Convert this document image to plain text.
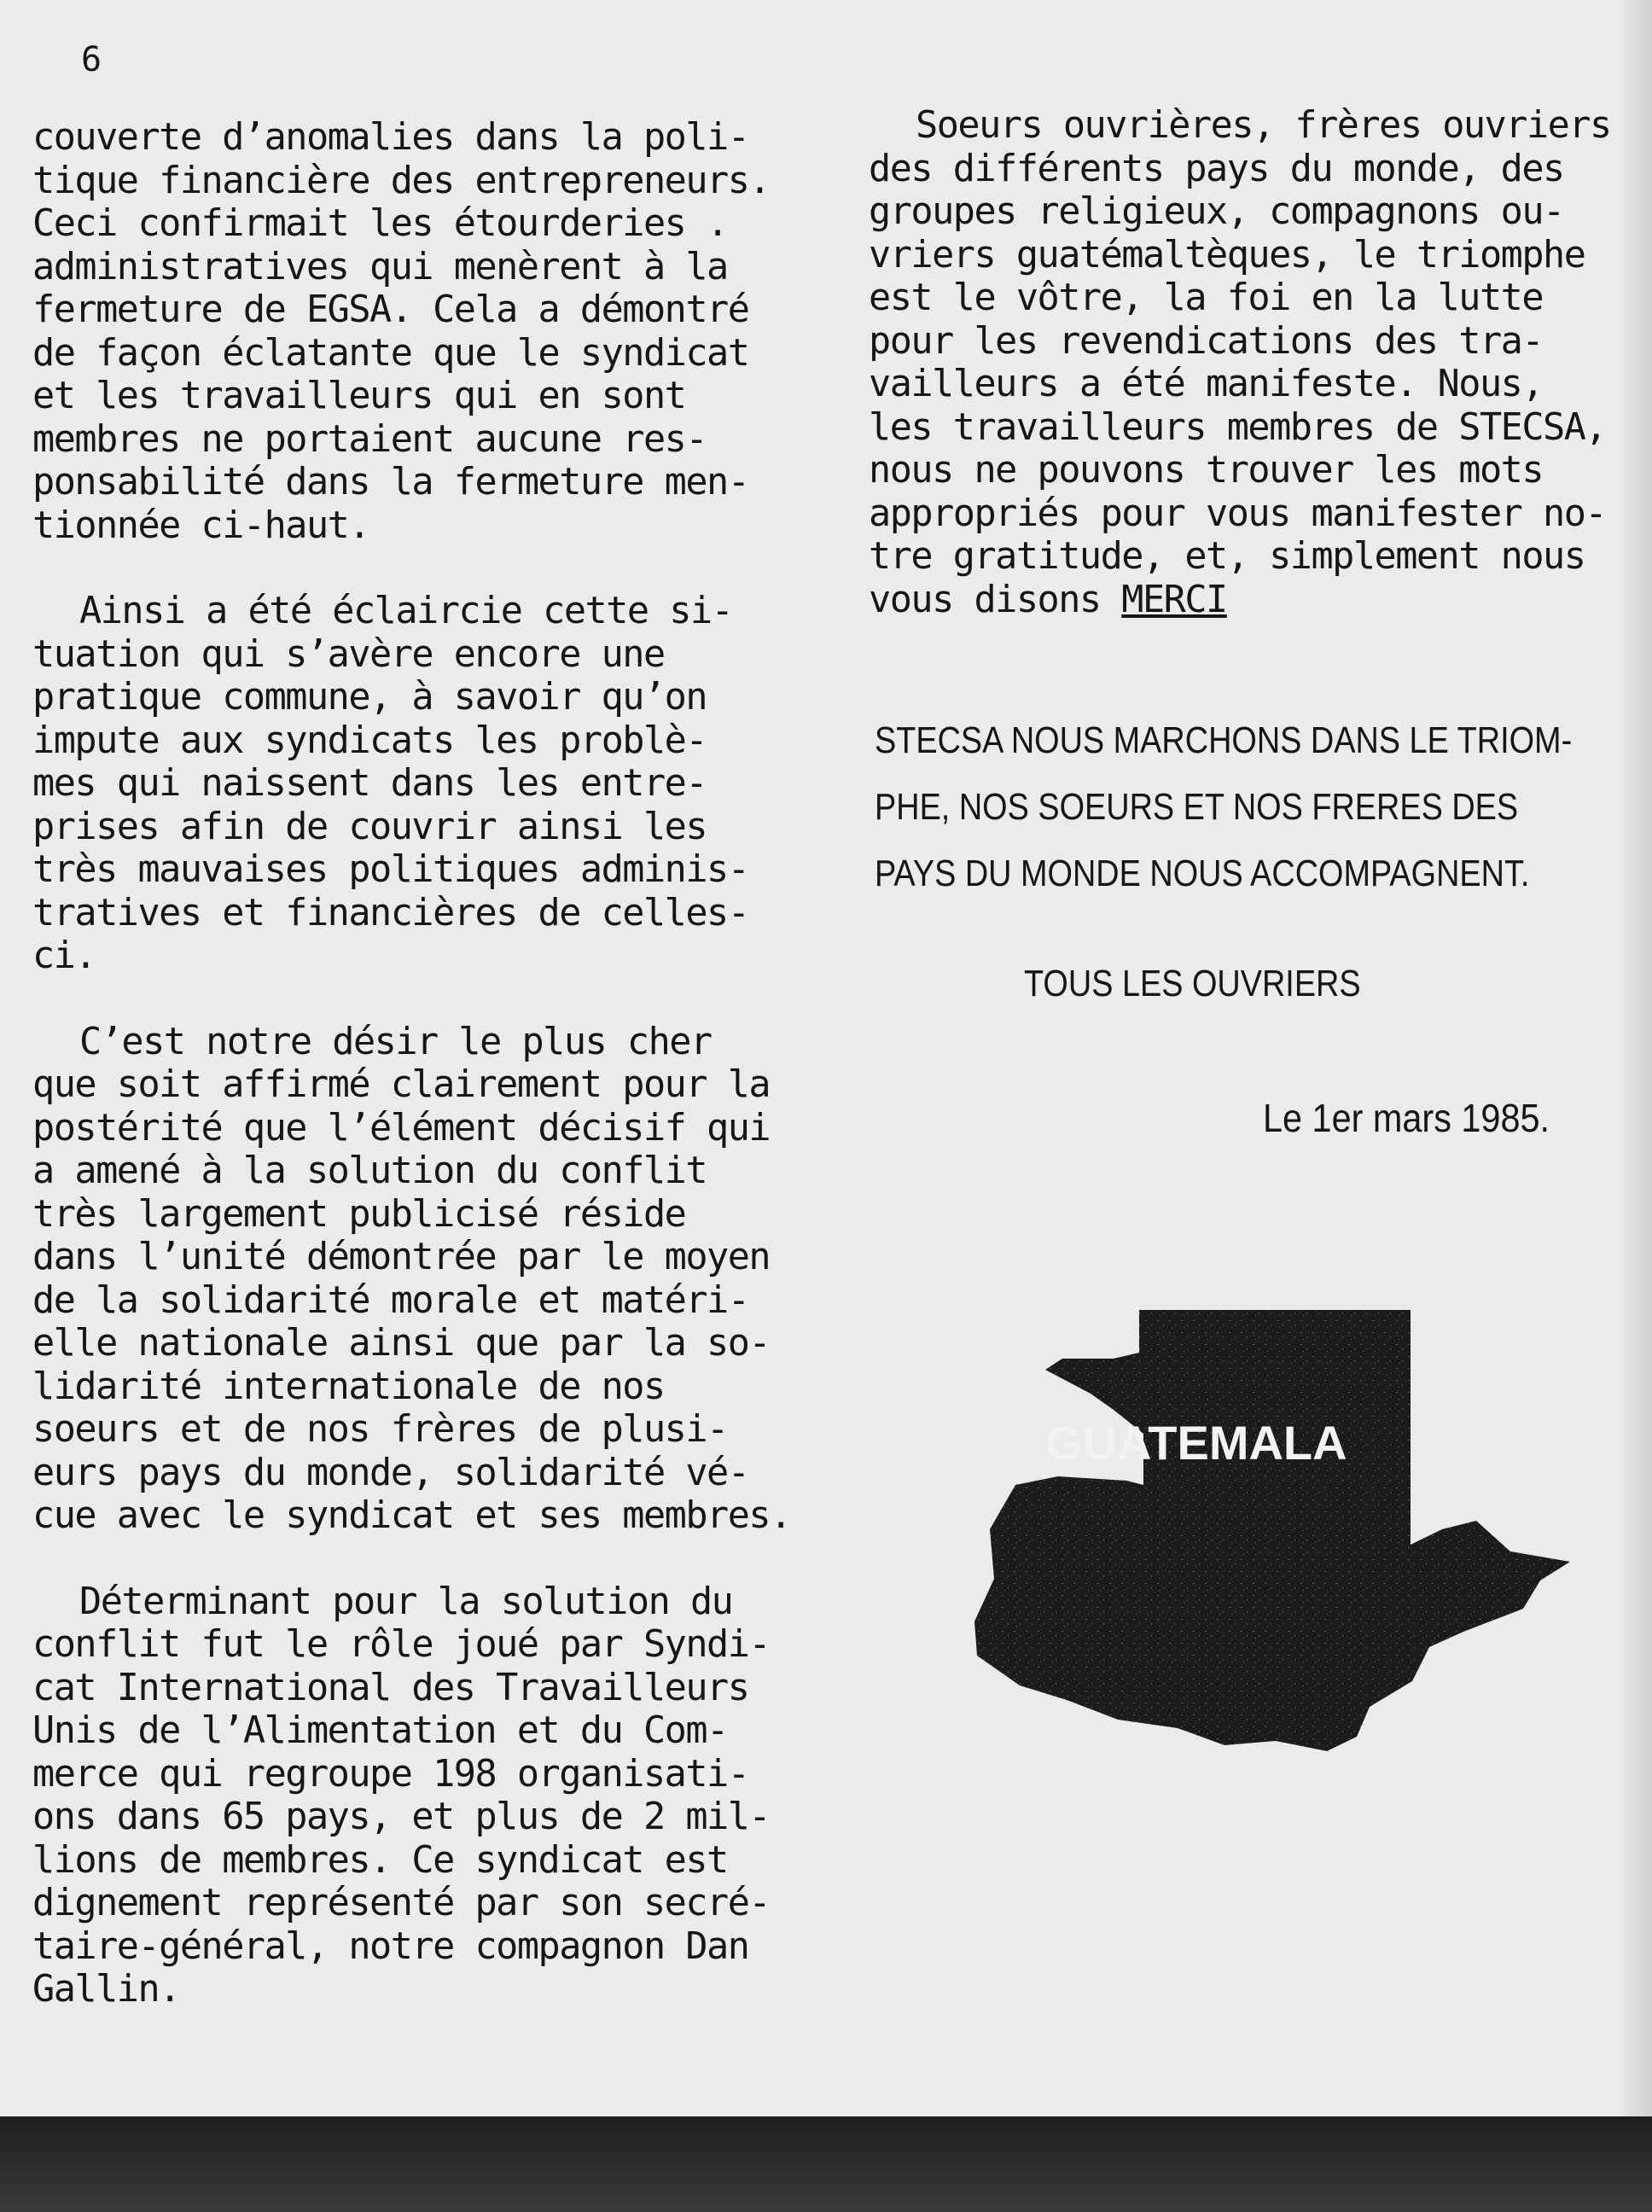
6

couverte d’anomalies dans la poli-

tique financière des entrepreneurs.

Ceci confirmait les étourderies .

administratives qui menèrent à la

fermeture de EGSA. Cela a démontré

de façon éclatante que le syndicat

et les travailleurs qui en sont

membres ne portaient aucune res-

ponsabilité dans la fermeture men-

tionnée ci-haut.

Ainsi a été éclaircie cette si-

tuation qui s’avère encore une

pratique commune, à savoir qu’on

impute aux syndicats les problè-

mes qui naissent dans les entre-

prises afin de couvrir ainsi les

très mauvaises politiques adminis-

tratives et financières de celles-

ci.

C’est notre désir le plus cher

que soit affirmé clairement pour la

postérité que l’élément décisif qui

a amené à la solution du conflit

très largement publicisé réside

dans l’unité démontrée par le moyen

de la solidarité morale et matéri-

elle nationale ainsi que par la so-

lidarité internationale de nos

soeurs et de nos frères de plusi-

eurs pays du monde, solidarité vé-

cue avec le syndicat et ses membres.

Déterminant pour la solution du

conflit fut le rôle joué par Syndi-

cat International des Travailleurs

Unis de l’Alimentation et du Com-

merce qui regroupe 198 organisati-

ons dans 65 pays, et plus de 2 mil-

lions de membres. Ce syndicat est

dignement représenté par son secré-

taire-général, notre compagnon Dan

Gallin.

Soeurs ouvrières, frères ouvriers

des différents pays du monde, des

groupes religieux, compagnons ou-

vriers guatémaltèques, le triomphe

est le vôtre, la foi en la lutte

pour les revendications des tra-

vailleurs a été manifeste. Nous,

les travailleurs membres de STECSA,

nous ne pouvons trouver les mots

appropriés pour vous manifester no-

tre gratitude, et, simplement nous

vous disons MERCI

STECSA NOUS MARCHONS DANS LE TRIOM-
PHE, NOS SOEURS ET NOS FRERES DES
PAYS DU MONDE NOUS ACCOMPAGNENT.
TOUS LES OUVRIERS
Le 1er mars 1985.
GUATEMALA
